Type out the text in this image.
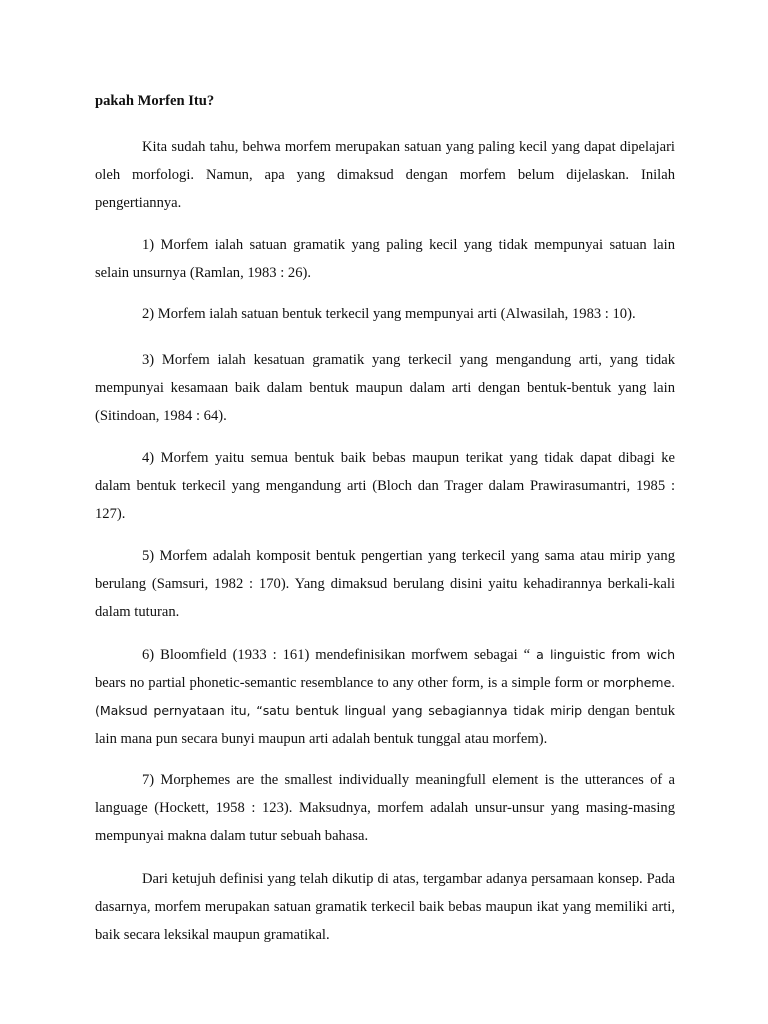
pakah Morfen Itu?

Kita sudah tahu, behwa morfem merupakan satuan yang paling kecil yang dapat dipelajari oleh morfologi. Namun, apa yang dimaksud dengan morfem belum dijelaskan. Inilah pengertiannya.

1) Morfem ialah satuan gramatik yang paling kecil yang tidak mempunyai satuan lain selain unsurnya (Ramlan, 1983 : 26).

2) Morfem ialah satuan bentuk terkecil yang mempunyai arti (Alwasilah, 1983 : 10).

3) Morfem ialah kesatuan gramatik yang terkecil yang mengandung arti, yang tidak mempunyai kesamaan baik dalam bentuk maupun dalam arti dengan bentuk-bentuk yang lain (Sitindoan, 1984 : 64).

4) Morfem yaitu semua bentuk baik bebas maupun terikat yang tidak dapat dibagi ke dalam bentuk terkecil yang mengandung arti (Bloch dan Trager dalam Prawirasumantri, 1985 : 127).

5) Morfem adalah komposit bentuk pengertian yang terkecil yang sama atau mirip yang berulang (Samsuri, 1982 : 170). Yang dimaksud berulang disini yaitu kehadirannya berkali-kali dalam tuturan.

6) Bloomfield (1933 : 161) mendefinisikan morfwem sebagai “ a linguistic from wich bears no partial phonetic-semantic resemblance to any other form, is a simple form or morpheme. (Maksud pernyataan itu, “satu bentuk lingual yang sebagiannya tidak mirip dengan bentuk lain mana pun secara bunyi maupun arti adalah bentuk tunggal atau morfem).

7) Morphemes are the smallest individually meaningfull element is the utterances of a language (Hockett, 1958 : 123). Maksudnya, morfem adalah unsur-unsur yang masing-masing mempunyai makna dalam tutur sebuah bahasa.

Dari ketujuh definisi yang telah dikutip di atas, tergambar adanya persamaan konsep. Pada dasarnya, morfem merupakan satuan gramatik terkecil baik bebas maupun ikat yang memiliki arti, baik secara leksikal maupun gramatikal.
